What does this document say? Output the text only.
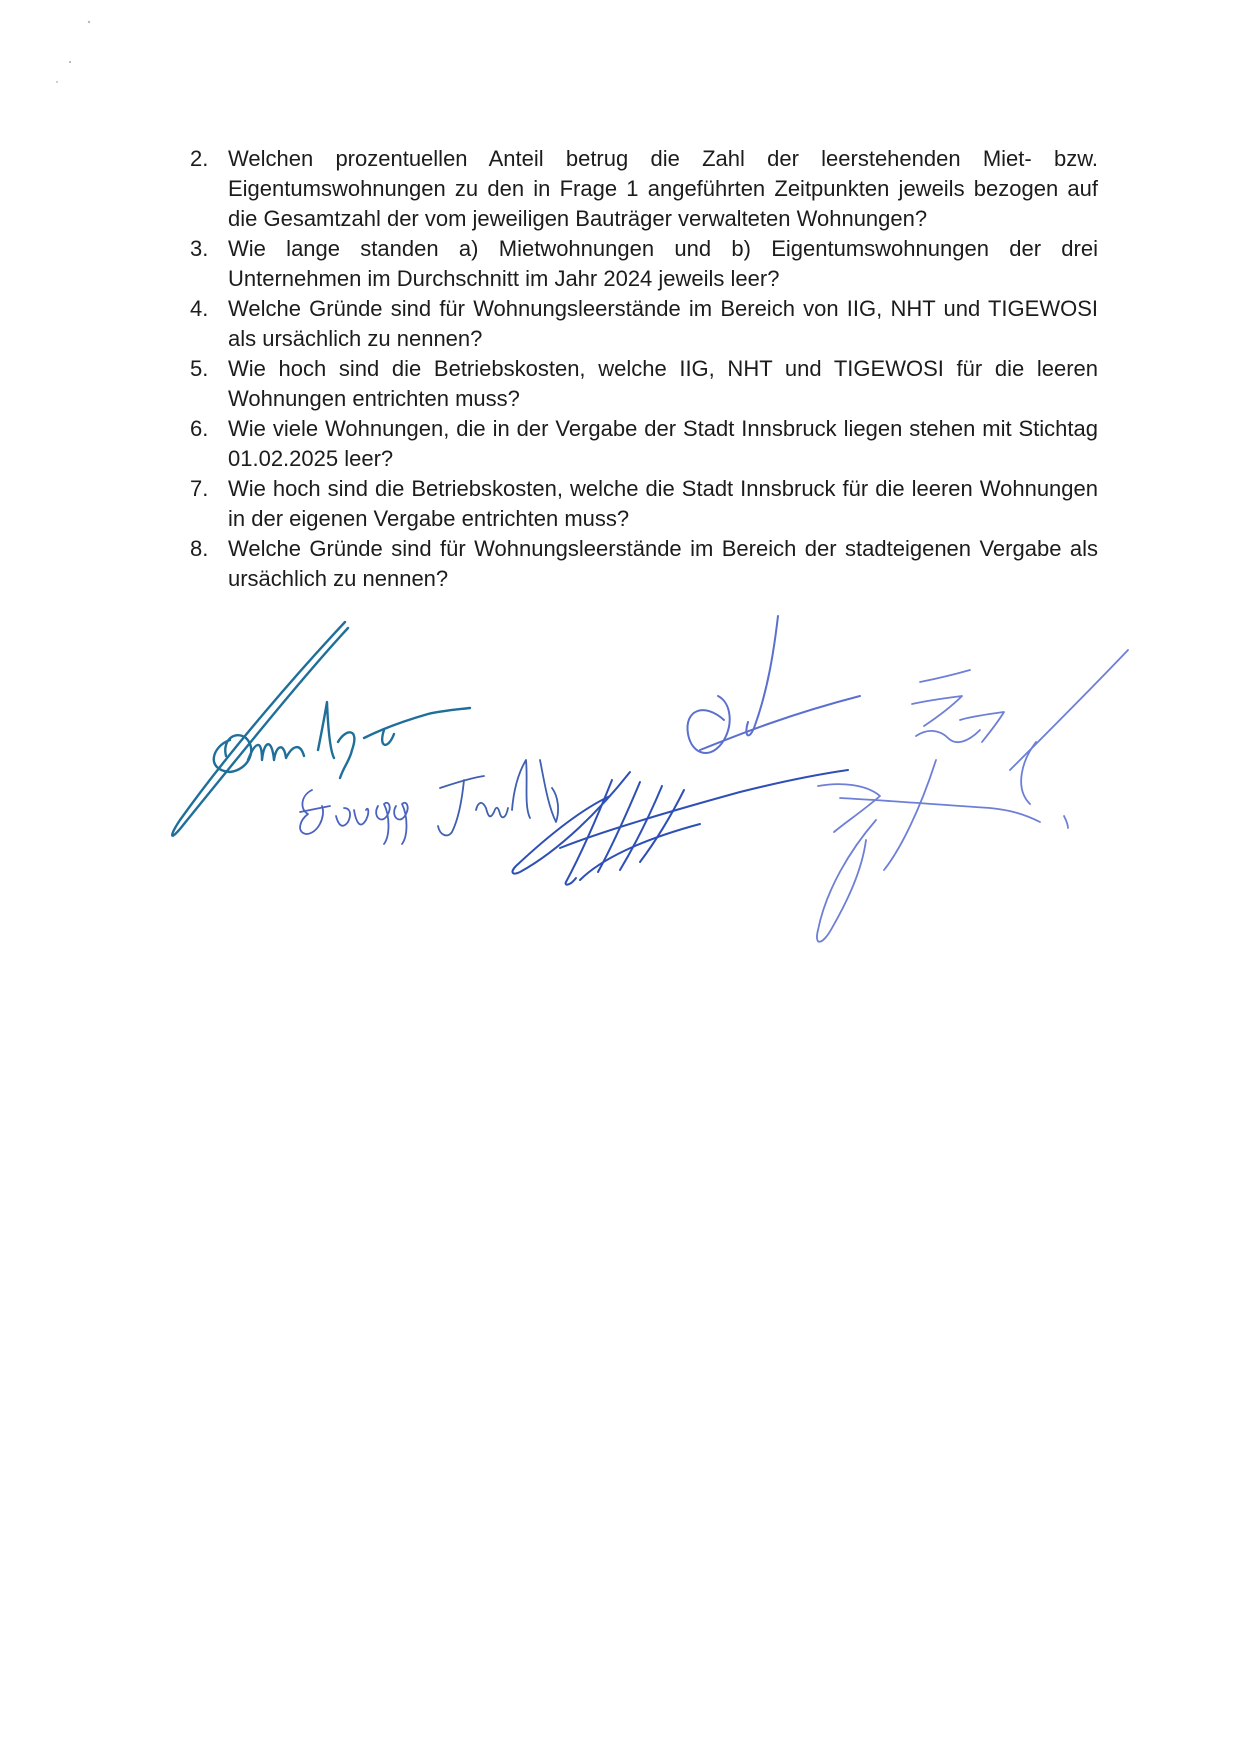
2. Welchen prozentuellen Anteil betrug die Zahl der leerstehenden Miet- bzw. Eigentumswohnungen zu den in Frage 1 angeführten Zeitpunkten jeweils bezogen auf die Gesamtzahl der vom jeweiligen Bauträger verwalteten Wohnungen?
3. Wie lange standen a) Mietwohnungen und b) Eigentumswohnungen der drei Unternehmen im Durchschnitt im Jahr 2024 jeweils leer?
4. Welche Gründe sind für Wohnungsleerstände im Bereich von IIG, NHT und TIGEWOSI als ursächlich zu nennen?
5. Wie hoch sind die Betriebskosten, welche IIG, NHT und TIGEWOSI für die leeren Wohnungen entrichten muss?
6. Wie viele Wohnungen, die in der Vergabe der Stadt Innsbruck liegen stehen mit Stichtag 01.02.2025 leer?
7. Wie hoch sind die Betriebskosten, welche die Stadt Innsbruck für die leeren Wohnungen in der eigenen Vergabe entrichten muss?
8. Welche Gründe sind für Wohnungsleerstände im Bereich der stadteigenen Vergabe als ursächlich zu nennen?
